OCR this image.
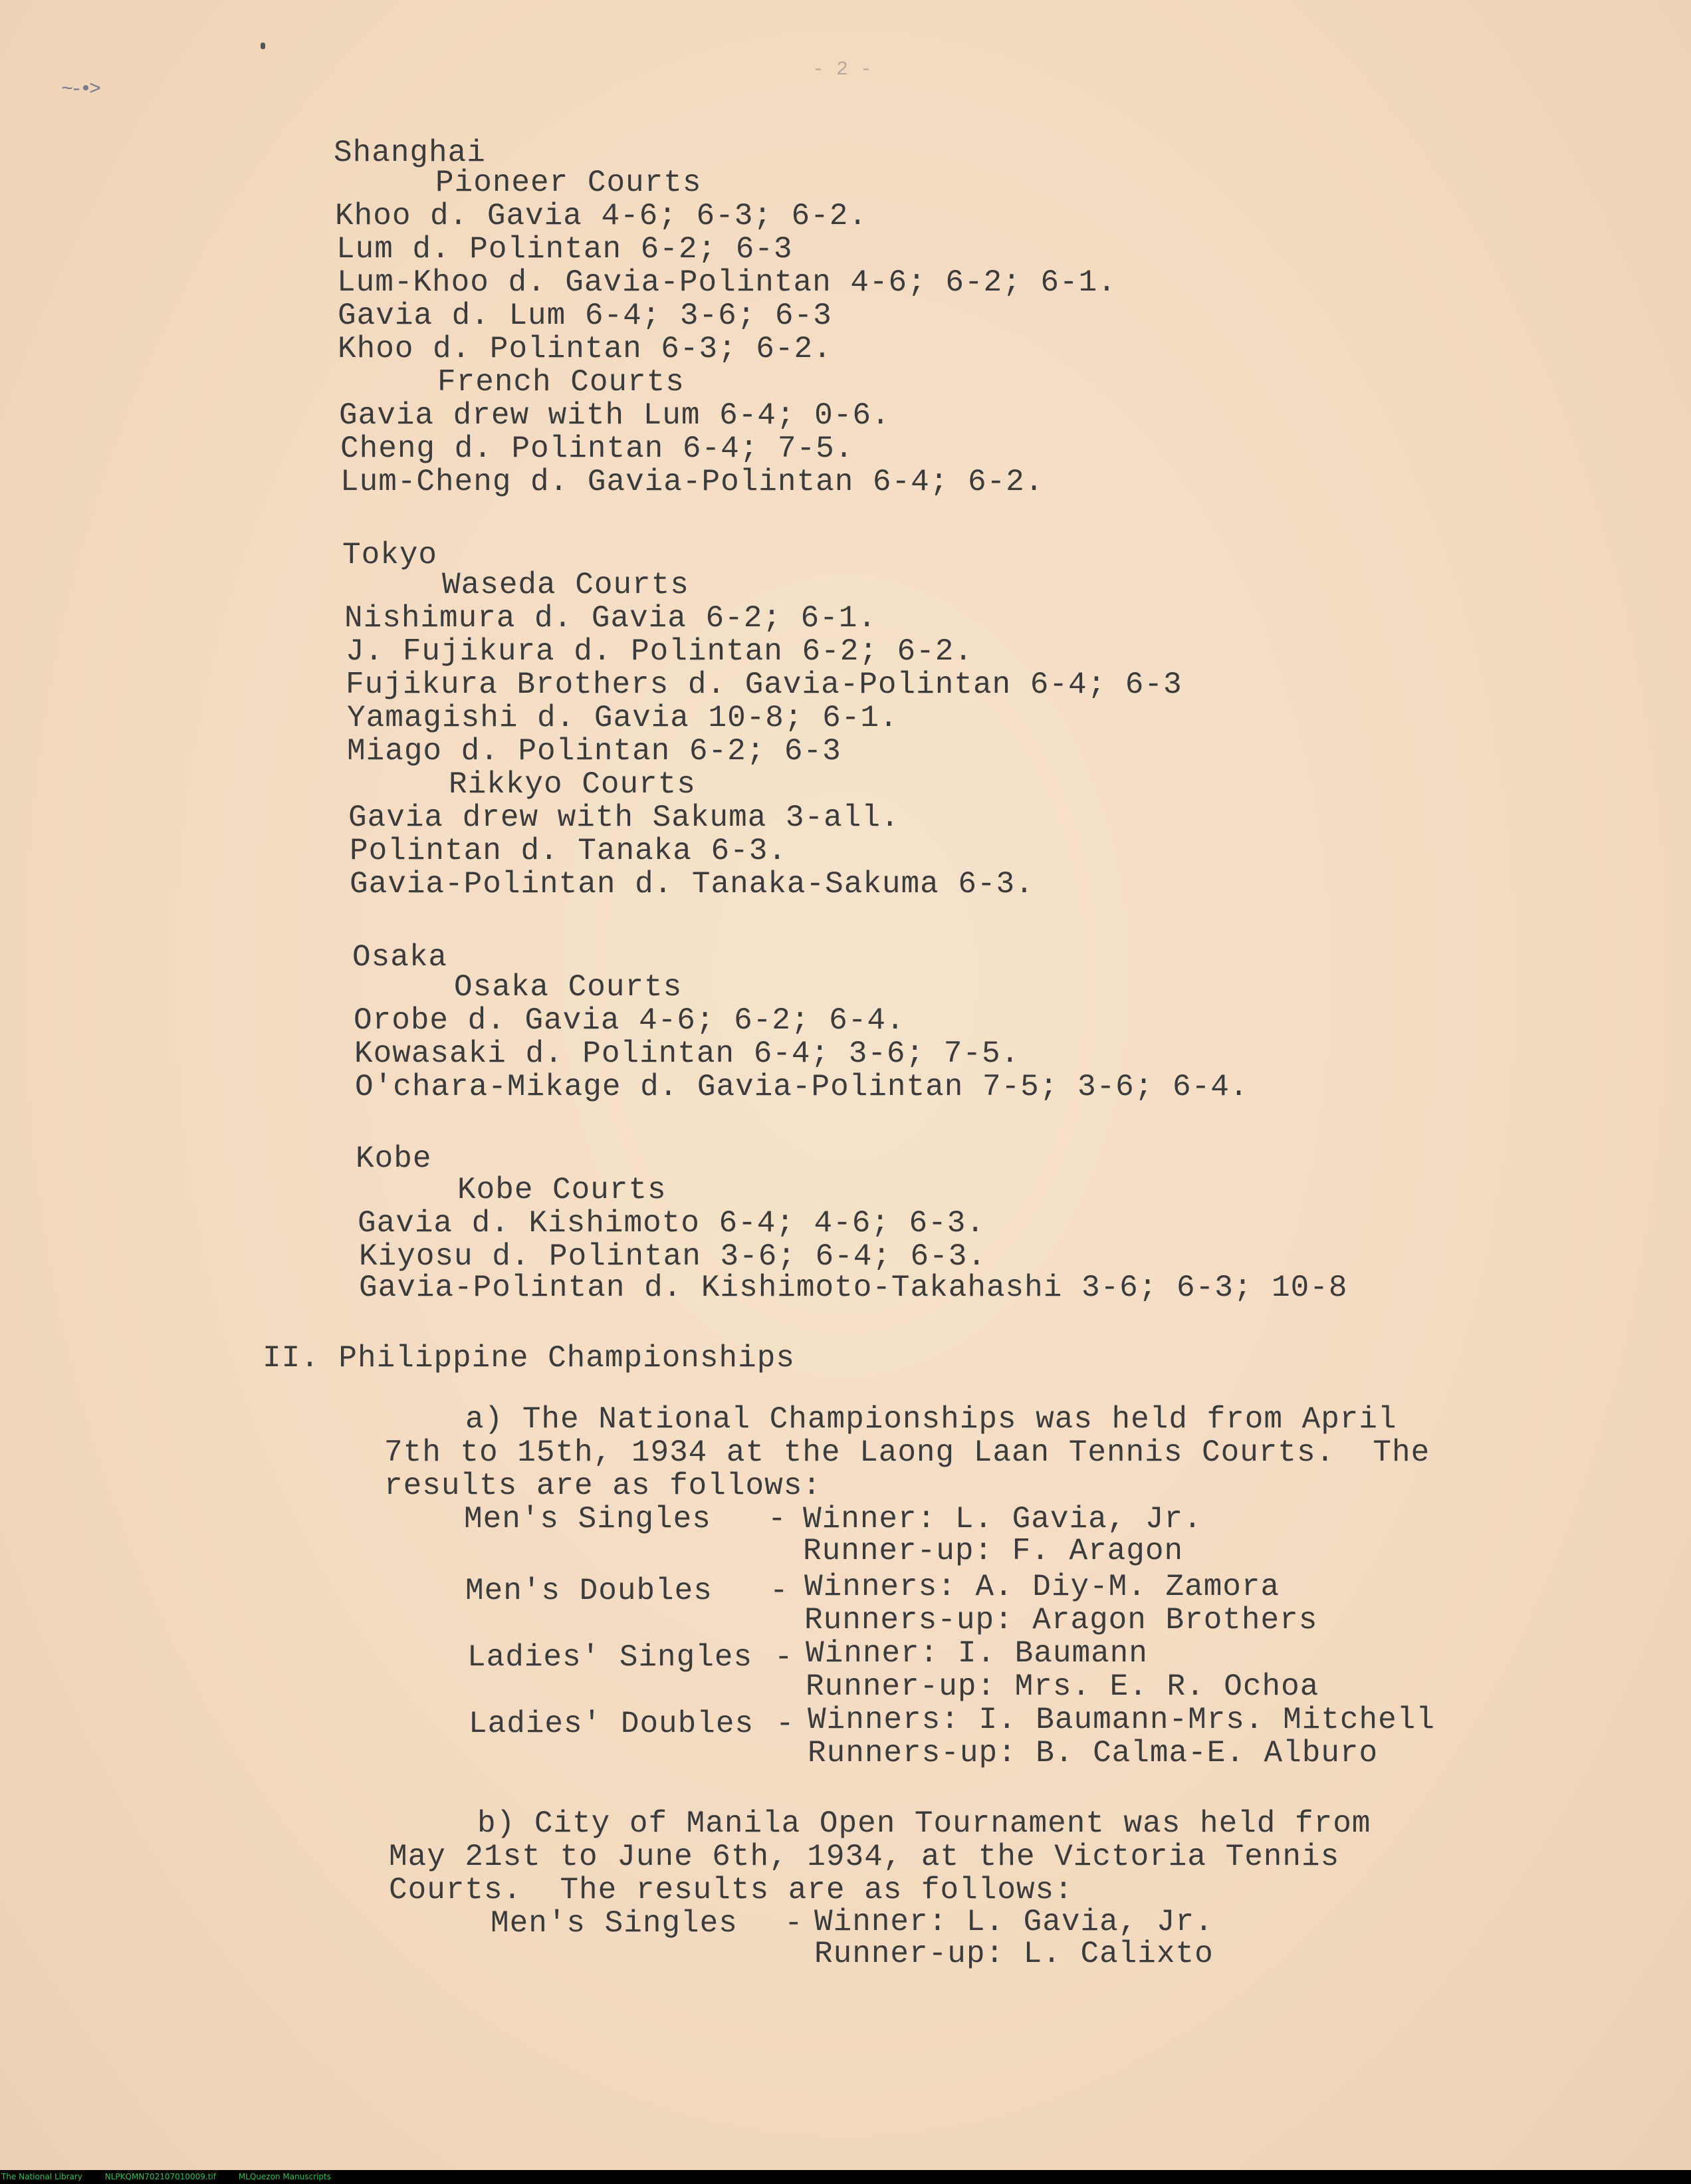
~-•>
- 2 -
Shanghai
Pioneer Courts
Khoo d. Gavia 4-6; 6-3; 6-2.
Lum d. Polintan 6-2; 6-3
Lum-Khoo d. Gavia-Polintan 4-6; 6-2; 6-1.
Gavia d. Lum 6-4; 3-6; 6-3
Khoo d. Polintan 6-3; 6-2.
French Courts
Gavia drew with Lum 6-4; 0-6.
Cheng d. Polintan 6-4; 7-5.
Lum-Cheng d. Gavia-Polintan 6-4; 6-2.
Tokyo
Waseda Courts
Nishimura d. Gavia 6-2; 6-1.
J. Fujikura d. Polintan 6-2; 6-2.
Fujikura Brothers d. Gavia-Polintan 6-4; 6-3
Yamagishi d. Gavia 10-8; 6-1.
Miago d. Polintan 6-2; 6-3
Rikkyo Courts
Gavia drew with Sakuma 3-all.
Polintan d. Tanaka 6-3.
Gavia-Polintan d. Tanaka-Sakuma 6-3.
Osaka
Osaka Courts
Orobe d. Gavia 4-6; 6-2; 6-4.
Kowasaki d. Polintan 6-4; 3-6; 7-5.
O'chara-Mikage d. Gavia-Polintan 7-5; 3-6; 6-4.
Kobe
Kobe Courts
Gavia d. Kishimoto 6-4; 4-6; 6-3.
Kiyosu d. Polintan 3-6; 6-4; 6-3.
Gavia-Polintan d. Kishimoto-Takahashi 3-6; 6-3; 10-8
II. Philippine Championships
a) The National Championships was held from April
7th to 15th, 1934 at the Laong Laan Tennis Courts.  The
results are as follows:
Men's Singles - Winner: L. Gavia, Jr.
Runner-up: F. Aragon
Men's Doubles - Winners: A. Diy-M. Zamora
Runners-up: Aragon Brothers
Ladies' Singles - Winner: I. Baumann
Runner-up: Mrs. E. R. Ochoa
Ladies' Doubles - Winners: I. Baumann-Mrs. Mitchell
Runners-up: B. Calma-E. Alburo
b) City of Manila Open Tournament was held from
May 21st to June 6th, 1934, at the Victoria Tennis
Courts.  The results are as follows:
Men's Singles - Winner: L. Gavia, Jr.
Runner-up: L. Calixto
The National Library	NLPKQMN702107010009.tif	MLQuezon Manuscripts
